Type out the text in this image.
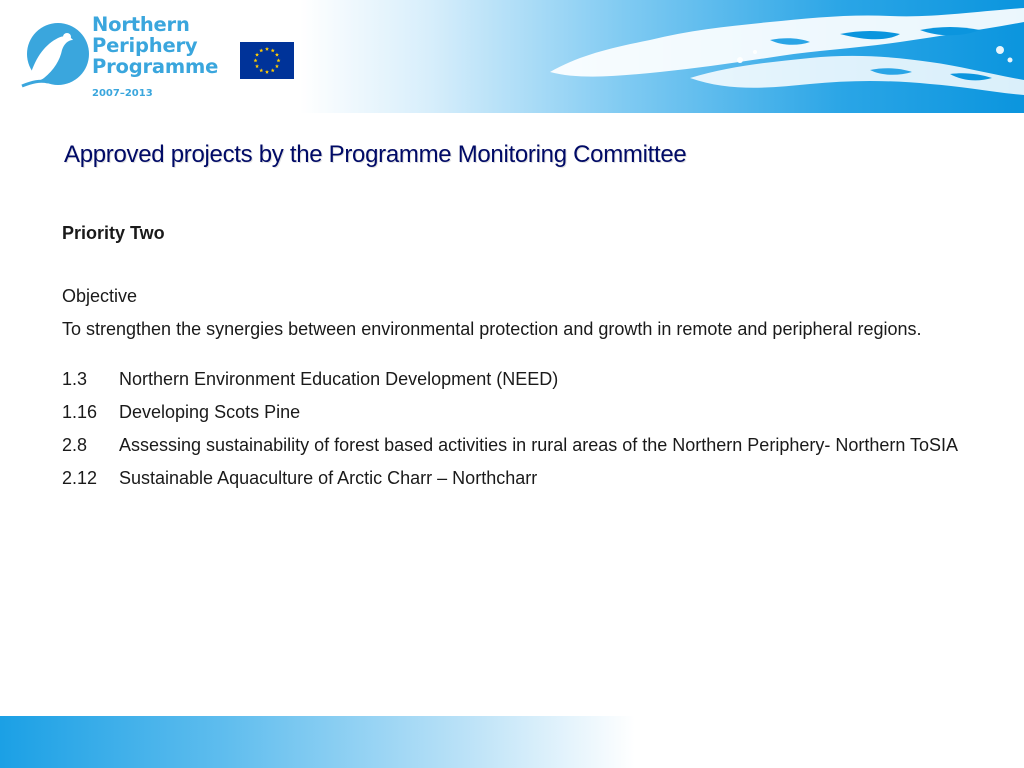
Northern
Periphery
Programme
2007–2013
Approved projects by the Programme Monitoring Committee

Priority Two

Objective
To strengthen the synergies between environmental protection and growth in remote and peripheral regions.
1.3	Northern Environment Education Development (NEED)
1.16	Developing Scots Pine
2.8	Assessing sustainability of forest based activities in rural areas of the Northern Periphery- Northern ToSIA
2.12	Sustainable Aquaculture of Arctic Charr – Northcharr
